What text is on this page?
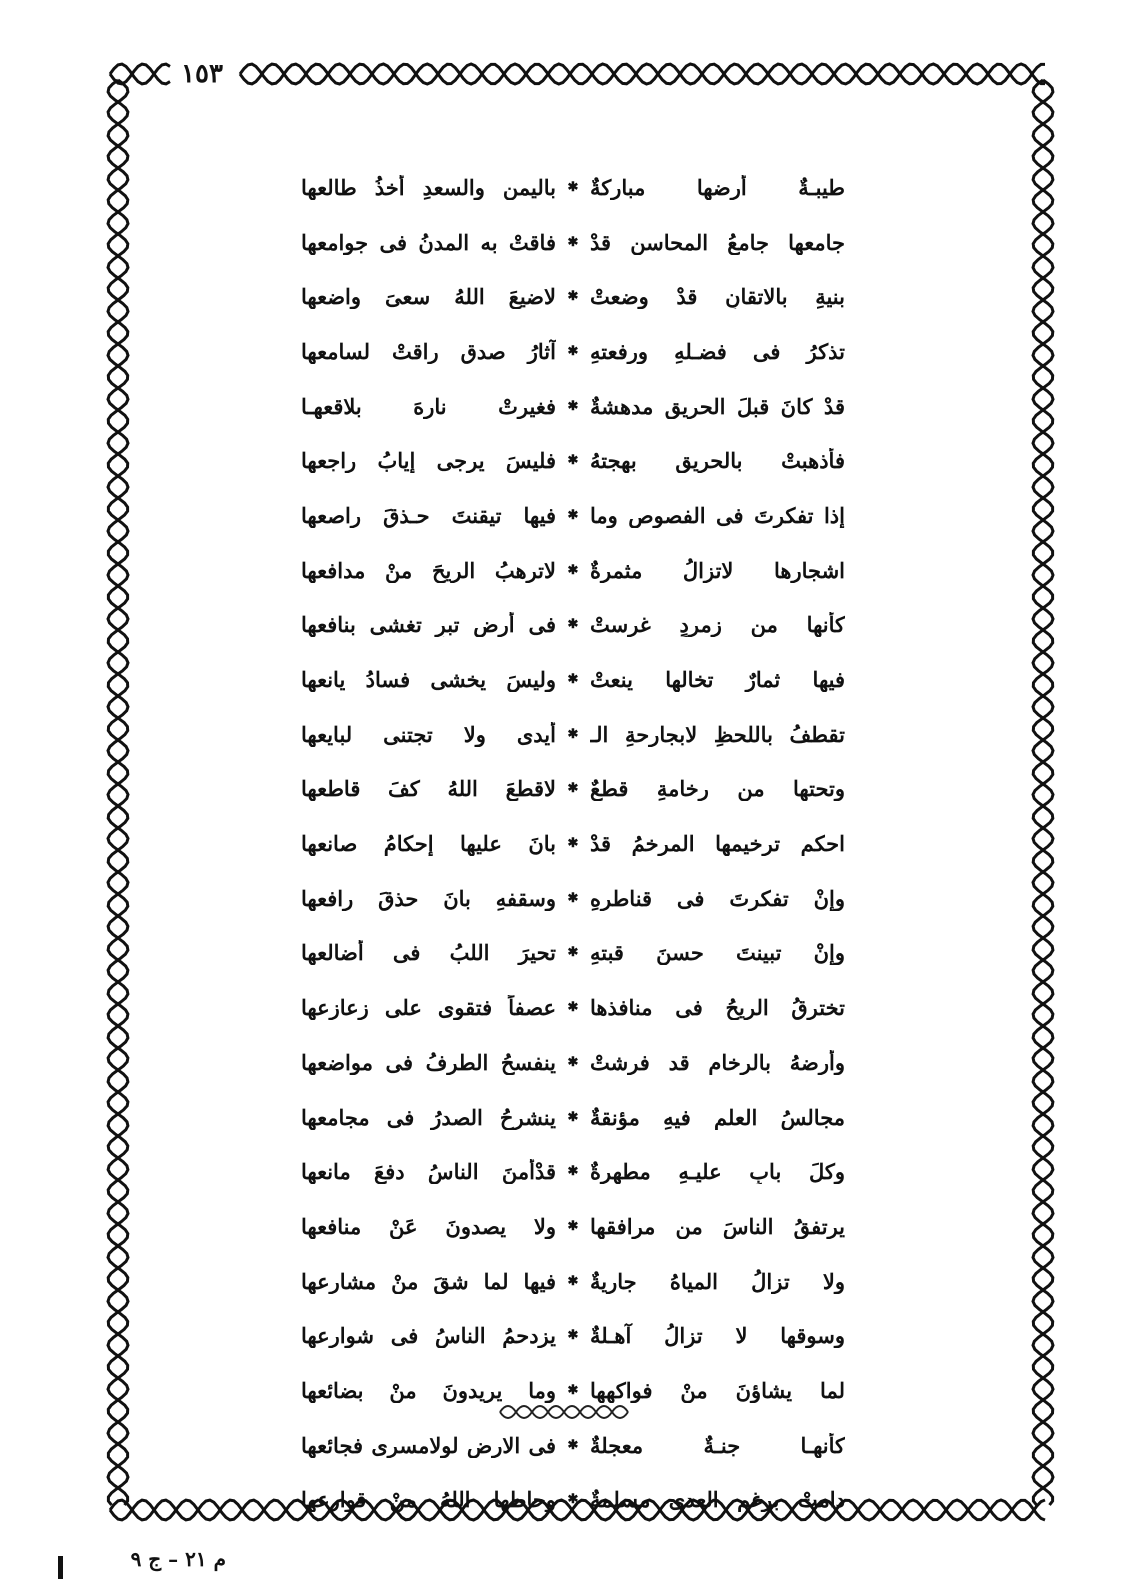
١٥٣
طيبـةٌ أرضها مباركةٌ
✱
باليمن والسعدِ أخذُ طالعها
جامعها جامعُ المحاسنِ قدْ
✱
فاقتْ به المدنُ فى جوامعها
بنيةِ بالاتقانِ قدْ وضعتْ
✱
لاضيعَ اللهُ سعىَ واضعها
تذكرُ فى فضـلهِ ورفعتهِ
✱
آثارُ صدقِ راقتْ لسامعها
قدْ كانَ قبلَ الحريقِ مدهشةٌ
✱
فغيرتْ نارهَ بلاقعهـا
فأذهبتْ بالحريقِ بهجتهُ
✱
فليسَ يرجى إيابُ راجعها
إذا تفكرتَ فى الفصوصِ وما
✱
فيها تيقنتَ حـذقَ راصعها
اشجارها لاتزالُ مثمرةٌ
✱
لاترهبُ الريحَ منْ مدافعها
كأنها من زمردٍ غرستْ
✱
فى أرضِ تبرٍ تغشى بنافعها
فيها ثمارٌ تخالها ينعتْ
✱
وليسَ يخشى فسادُ يانعها
تقطفُ باللحظِ لابجارحةِ الـ
✱
أيدى ولا تجتنى لبايعها
وتحتها من رخامةِ قطعٌ
✱
لاقطعَ اللهُ كفَ قاطعها
احكم ترخيمها المرخمُ قدْ
✱
بانَ عليها إحكامُ صانعها
وإنْ تفكرتَ فى قناطرهِ
✱
وسقفهِ بانَ حذقَ رافعها
وإنْ تبينتَ حسنَ قبتهِ
✱
تحيرَ اللبُ فى أضالعها
تخترقُ الريحُ فى منافذها
✱
عصفاً فتقوى على زعازعها
وأرضهُ بالرخامِ قد فرشتْ
✱
ينفسحُ الطرفُ فى مواضعها
مجالسُ العلمِ فيهِ مؤنقةٌ
✱
ينشرحُ الصدرُ فى مجامعها
وكلَ بابٍ عليـهِ مطهرةٌ
✱
قدْأمنَ الناسُ دفعَ مانعها
يرتفقُ الناسَ من مرافقها
✱
ولا يصدونَ عَنْ منافعها
ولا تزالُ المياهُ جاريةٌ
✱
فيها لما شقَ منْ مشارعها
وسوقها لا تزالُ آهـلةٌ
✱
يزدحمُ الناسُ فى شوارعها
لما يشاؤنَ منْ فواكهها
✱
وما يريدونَ منْ بضائعها
كأنهـا جنـةٌ معجلةٌ
✱
فى الارضِ لولامسرى فجائعها
دامتْ برغمِ العدى مسلمةٌ
✱
وحاطها اللهُ منْ قوارعها
م ٢١ – ج ٩
